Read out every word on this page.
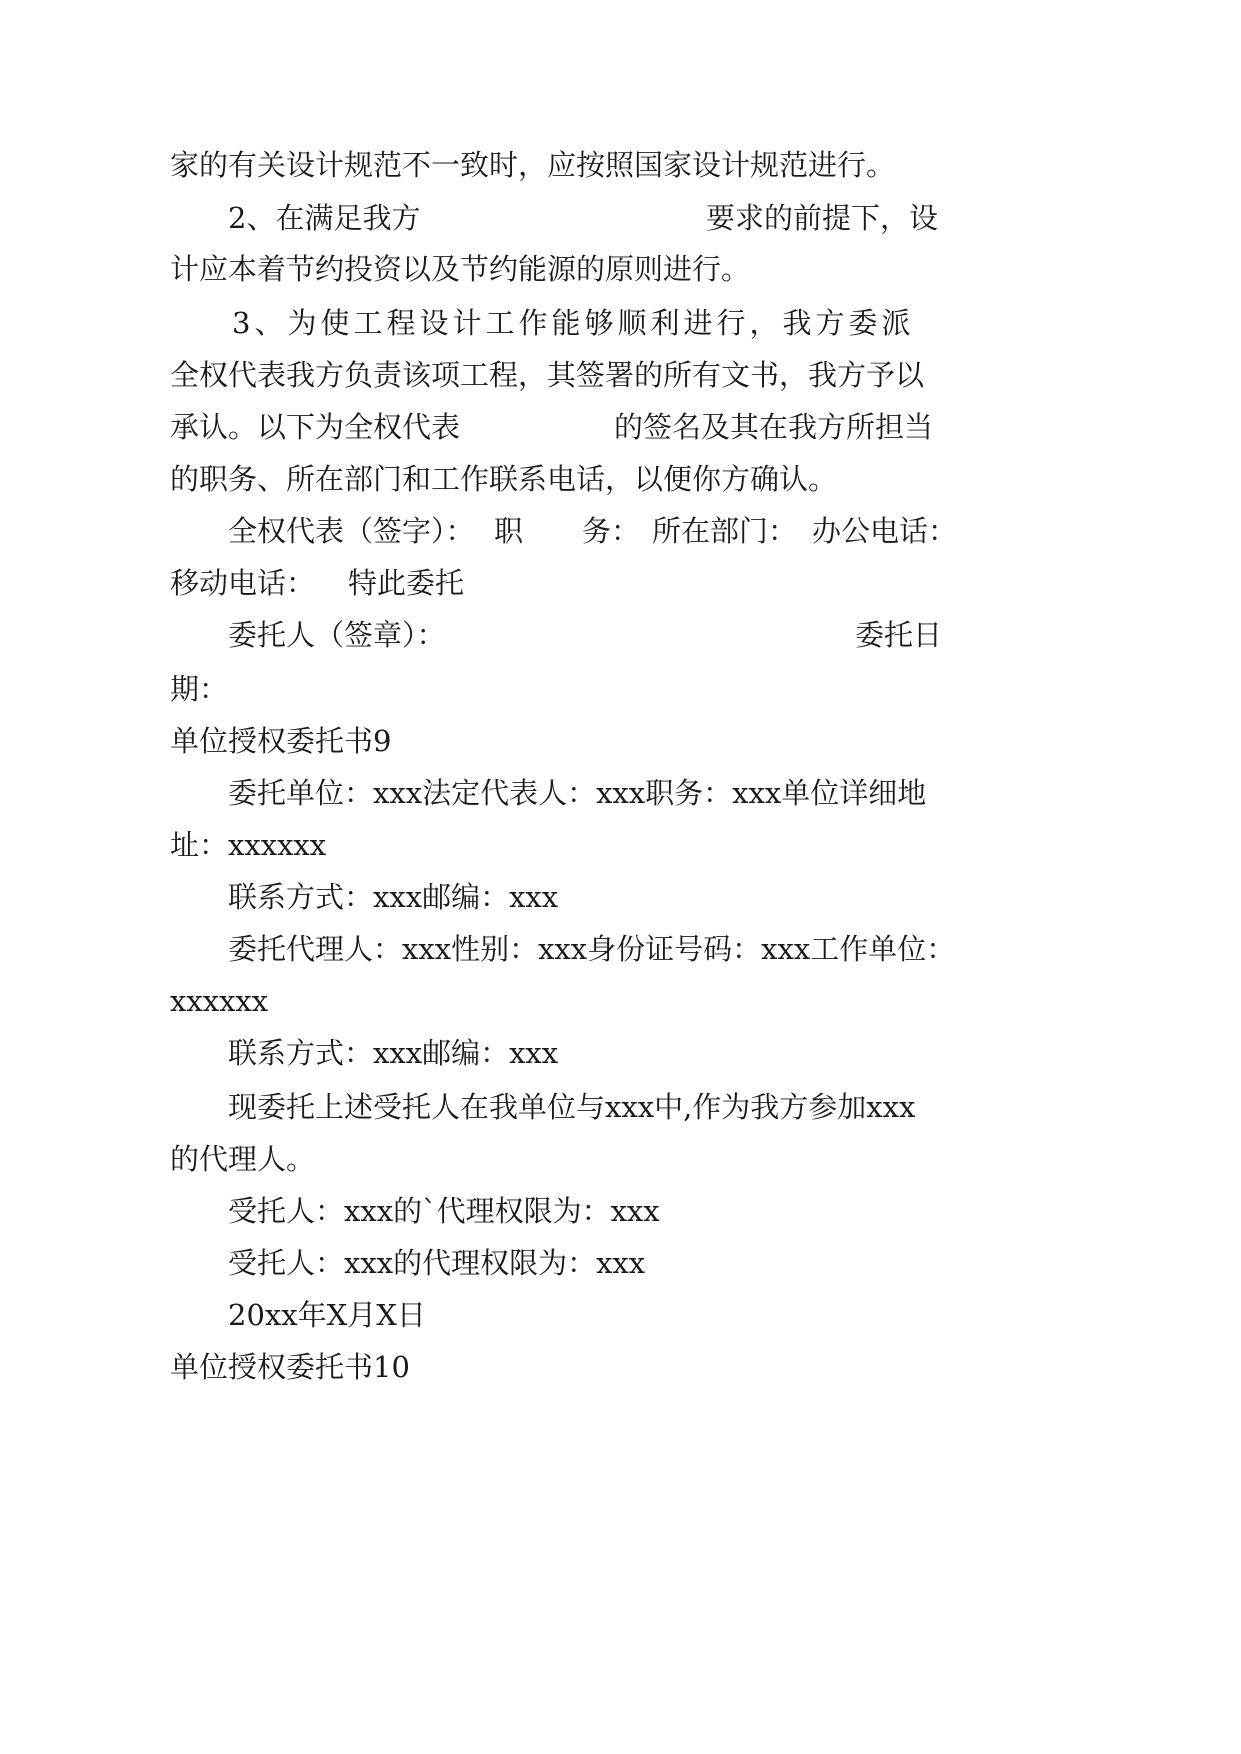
家的有关设计规范不一致时，应按照国家设计规范进行。
2、在满足我方	要求的前提下，设
计应本着节约投资以及节约能源的原则进行。
3、为使工程设计工作能够顺利进行，我方委派
全权代表我方负责该项工程，其签署的所有文书，我方予以
承认。以下为全权代表	的签名及其在我方所担当
的职务、所在部门和工作联系电话，以便你方确认。
全权代表（签字）： 职 务： 所在部门： 办公电话：
移动电话： 特此委托
委托人（签章）：	委托日
期：
单位授权委托书9
委托单位：xxx法定代表人：xxx职务：xxx单位详细地
址：xxxxxx
联系方式：xxx邮编：xxx
委托代理人：xxx性别：xxx身份证号码：xxx工作单位：
xxxxxx
联系方式：xxx邮编：xxx
现委托上述受托人在我单位与xxx中,作为我方参加xxx
的代理人。
受托人：xxx的`代理权限为：xxx
受托人：xxx的代理权限为：xxx
20xx年X月X日
单位授权委托书10
